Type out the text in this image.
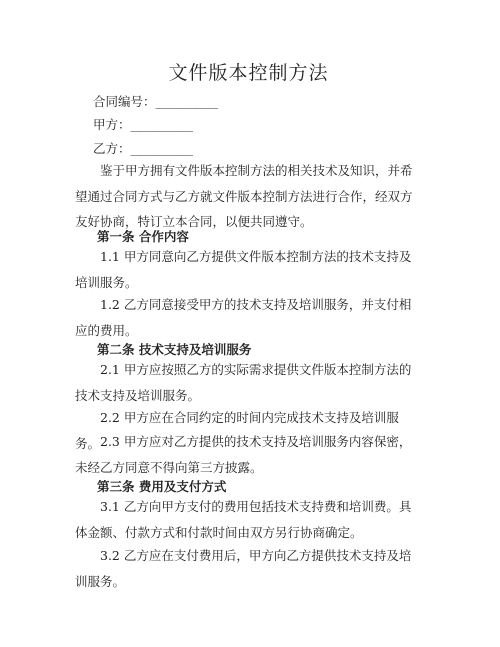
文件版本控制方法
合同编号：__________
甲方：__________
乙方：__________

鉴于甲方拥有文件版本控制方法的相关技术及知识，并希望通过合同方式与乙方就文件版本控制方法进行合作，经双方友好协商，特订立本合同，以便共同遵守。

第一条 合作内容

1.1 甲方同意向乙方提供文件版本控制方法的技术支持及培训服务。

1.2 乙方同意接受甲方的技术支持及培训服务，并支付相应的费用。

第二条 技术支持及培训服务

2.1 甲方应按照乙方的实际需求提供文件版本控制方法的技术支持及培训服务。

2.2 甲方应在合同约定的时间内完成技术支持及培训服务。 2.3 甲方应对乙方提供的技术支持及培训服务内容保密，未经乙方同意不得向第三方披露。

第三条 费用及支付方式

3.1 乙方向甲方支付的费用包括技术支持费和培训费。具体金额、付款方式和付款时间由双方另行协商确定。

3.2 乙方应在支付费用后，甲方向乙方提供技术支持及培训服务。
